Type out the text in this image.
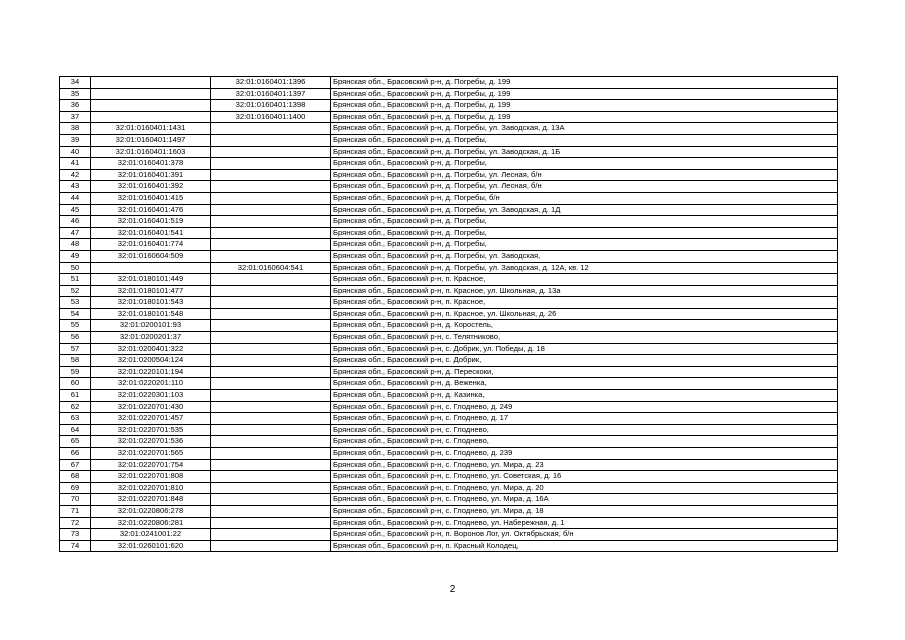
34		32:01:0160401:1396	Брянская обл., Брасовский р-н, д. Погребы, д. 199
35		32:01:0160401:1397	Брянская обл., Брасовский р-н, д. Погребы, д. 199
36		32:01:0160401:1398	Брянская обл., Брасовский р-н, д. Погребы, д. 199
37		32:01:0160401:1400	Брянская обл., Брасовский р-н, д. Погребы, д. 199
38	32:01:0160401:1431		Брянская обл., Брасовский р-н, д. Погребы, ул. Заводская, д. 13А
39	32:01:0160401:1497		Брянская обл., Брасовский р-н, д. Погребы,
40	32:01:0160401:1603		Брянская обл., Брасовский р-н, д. Погребы, ул. Заводская, д. 1Б
41	32:01:0160401:378		Брянская обл., Брасовский р-н, д. Погребы,
42	32:01:0160401:391		Брянская обл., Брасовский р-н, д. Погребы, ул. Лесная, б/н
43	32:01:0160401:392		Брянская обл., Брасовский р-н, д. Погребы, ул. Лесная, б/н
44	32:01:0160401:415		Брянская обл., Брасовский р-н, д. Погребы, б/н
45	32:01:0160401:476		Брянская обл., Брасовский р-н, д. Погребы, ул. Заводская, д. 1Д
46	32:01:0160401:519		Брянская обл., Брасовский р-н, д. Погребы,
47	32:01:0160401:541		Брянская обл., Брасовский р-н, д. Погребы,
48	32:01:0160401:774		Брянская обл., Брасовский р-н, д. Погребы,
49	32:01:0160604:509		Брянская обл., Брасовский р-н, д. Погребы, ул. Заводская,
50		32:01:0160604:541	Брянская обл., Брасовский р-н, д. Погребы, ул. Заводская, д. 12А, кв. 12
51	32:01:0180101:449		Брянская обл., Брасовский р-н, п. Красное,
52	32:01:0180101:477		Брянская обл., Брасовский р-н, п. Красное, ул. Школьная, д. 13а
53	32:01:0180101:543		Брянская обл., Брасовский р-н, п. Красное,
54	32:01:0180101:548		Брянская обл., Брасовский р-н, п. Красное, ул. Школьная, д. 26
55	32:01:0200101:93		Брянская обл., Брасовский р-н, д. Коростель,
56	32:01:0200201:37		Брянская обл., Брасовский р-н, с. Телятниково,
57	32:01:0200401:322		Брянская обл., Брасовский р-н, с. Добрик, ул. Победы, д. 18
58	32:01:0200504:124		Брянская обл., Брасовский р-н, с. Добрик,
59	32:01:0220101:194		Брянская обл., Брасовский р-н, д. Перескоки,
60	32:01:0220201:110		Брянская обл., Брасовский р-н, д. Веженка,
61	32:01:0220301:103		Брянская обл., Брасовский р-н, д. Казинка,
62	32:01:0220701:430		Брянская обл., Брасовский р-н, с. Глоднево, д. 249
63	32:01:0220701:457		Брянская обл., Брасовский р-н, с. Глоднево, д. 17
64	32:01:0220701:535		Брянская обл., Брасовский р-н, с. Глоднево,
65	32:01:0220701:536		Брянская обл., Брасовский р-н, с. Глоднево,
66	32:01:0220701:565		Брянская обл., Брасовский р-н, с. Глоднево, д. 239
67	32:01:0220701:754		Брянская обл., Брасовский р-н, с. Глоднево, ул. Мира, д. 23
68	32:01:0220701:808		Брянская обл., Брасовский р-н, с. Глоднево, ул. Советская, д. 16
69	32:01:0220701:810		Брянская обл., Брасовский р-н, с. Глоднево, ул. Мира, д. 20
70	32:01:0220701:848		Брянская обл., Брасовский р-н, с. Глоднево, ул. Мира, д. 16А
71	32:01:0220806:278		Брянская обл., Брасовский р-н, с. Глоднево, ул. Мира, д. 18
72	32:01:0220806:281		Брянская обл., Брасовский р-н, с. Глоднево, ул. Набережная, д. 1
73	32:01:0241001:22		Брянская обл., Брасовский р-н, п. Воронов Лог, ул. Октябрьская, б/н
74	32:01:0260101:620		Брянская обл., Брасовский р-н, п. Красный Колодец,
2
